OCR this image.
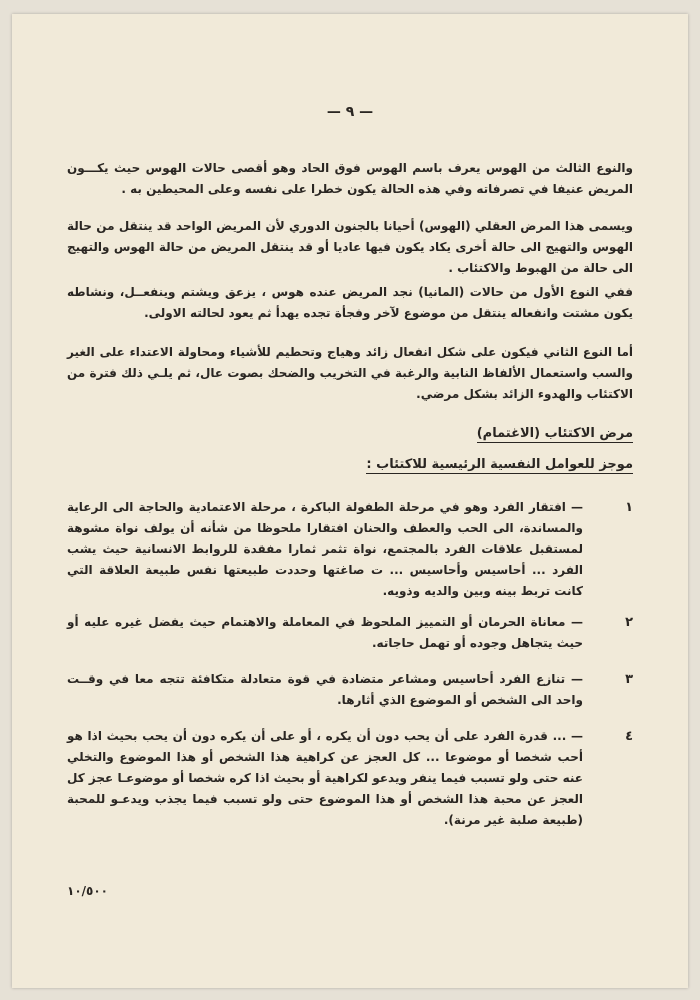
— ٩ —
والنوع الثالث من الهوس يعرف باسم الهوس فوق الحاد وهو أقصى حالات الهوس حيث يكـــون المريض عنيفا في تصرفاته وفي هذه الحالة يكون خطرا على نفسه وعلى المحيطين به .
ويسمى هذا المرض العقلي (الهوس) أحيانا بالجنون الدوري لأن المريض الواحد قد ينتقل من حالة الهوس والتهيج الى حالة أخرى يكاد يكون فيها عاديا أو قد ينتقل المريض من حالة الهوس والتهيج الى حالة من الهبوط والاكتئاب .
ففي النوع الأول من حالات (المانيا) نجد المريض عنده هوس ، يزعق ويشتم وينفعــل، ونشاطه يكون مشتت وانفعاله ينتقل من موضوع لآخر وفجأة تجده يهدأ ثم يعود لحالته الاولى.
أما النوع الثاني فيكون على شكل انفعال زائد وهياج وتحطيم للأشياء ومحاولة الاعتداء على الغير والسب واستعمال الألفاظ النابية والرغبة في التخريب والضحك بصوت عال، ثم يلـي ذلك فترة من الاكتئاب والهدوء الزائد بشكل مرضي.
مرض الاكتئاب (الاغتمام)
موجز للعوامل النفسية الرئيسية للاكتئاب :
١
— افتقار الفرد وهو في مرحلة الطفولة الباكرة ، مرحلة الاعتمادية والحاجة الى الرعاية والمساندة، الى الحب والعطف والحنان افتقارا ملحوظا من شأنه أن يولف نواة مشوهة لمستقبل علاقات الفرد بالمجتمع، نواة تثمر ثمارا مفقدة للروابط الانسانية حيث يشب الفرد ... أحاسيس وأحاسيس ... ت صاغتها وحددت طبيعتها نفس طبيعة العلاقة التي كانت تربط بينه وبين والديه وذويه.
٢
— معاناة الحرمان أو التمييز الملحوظ في المعاملة والاهتمام حيث يفضل غيره عليه أو حيث يتجاهل وجوده أو تهمل حاجاته.
٣
— تنازع الفرد أحاسيس ومشاعر متضادة في قوة متعادلة متكافئة تتجه معا في وقــت واحد الى الشخص أو الموضوع الذي أثارها.
٤
— ... قدرة الفرد على أن يحب دون أن يكره ، أو على أن يكره دون أن يحب بحيث اذا هو أحب شخصا أو موضوعا ... كل العجز عن كراهية هذا الشخص أو هذا الموضوع والتخلي عنه حتى ولو تسبب فيما ينفر ويدعو لكراهية أو بحيث اذا كره شخصا أو موضوعـا عجز كل العجز عن محبة هذا الشخص أو هذا الموضوع حتى ولو تسبب فيما يجذب ويدعـو للمحبة (طبيعة صلبة غير مرنة).
١٠/٥٠٠
